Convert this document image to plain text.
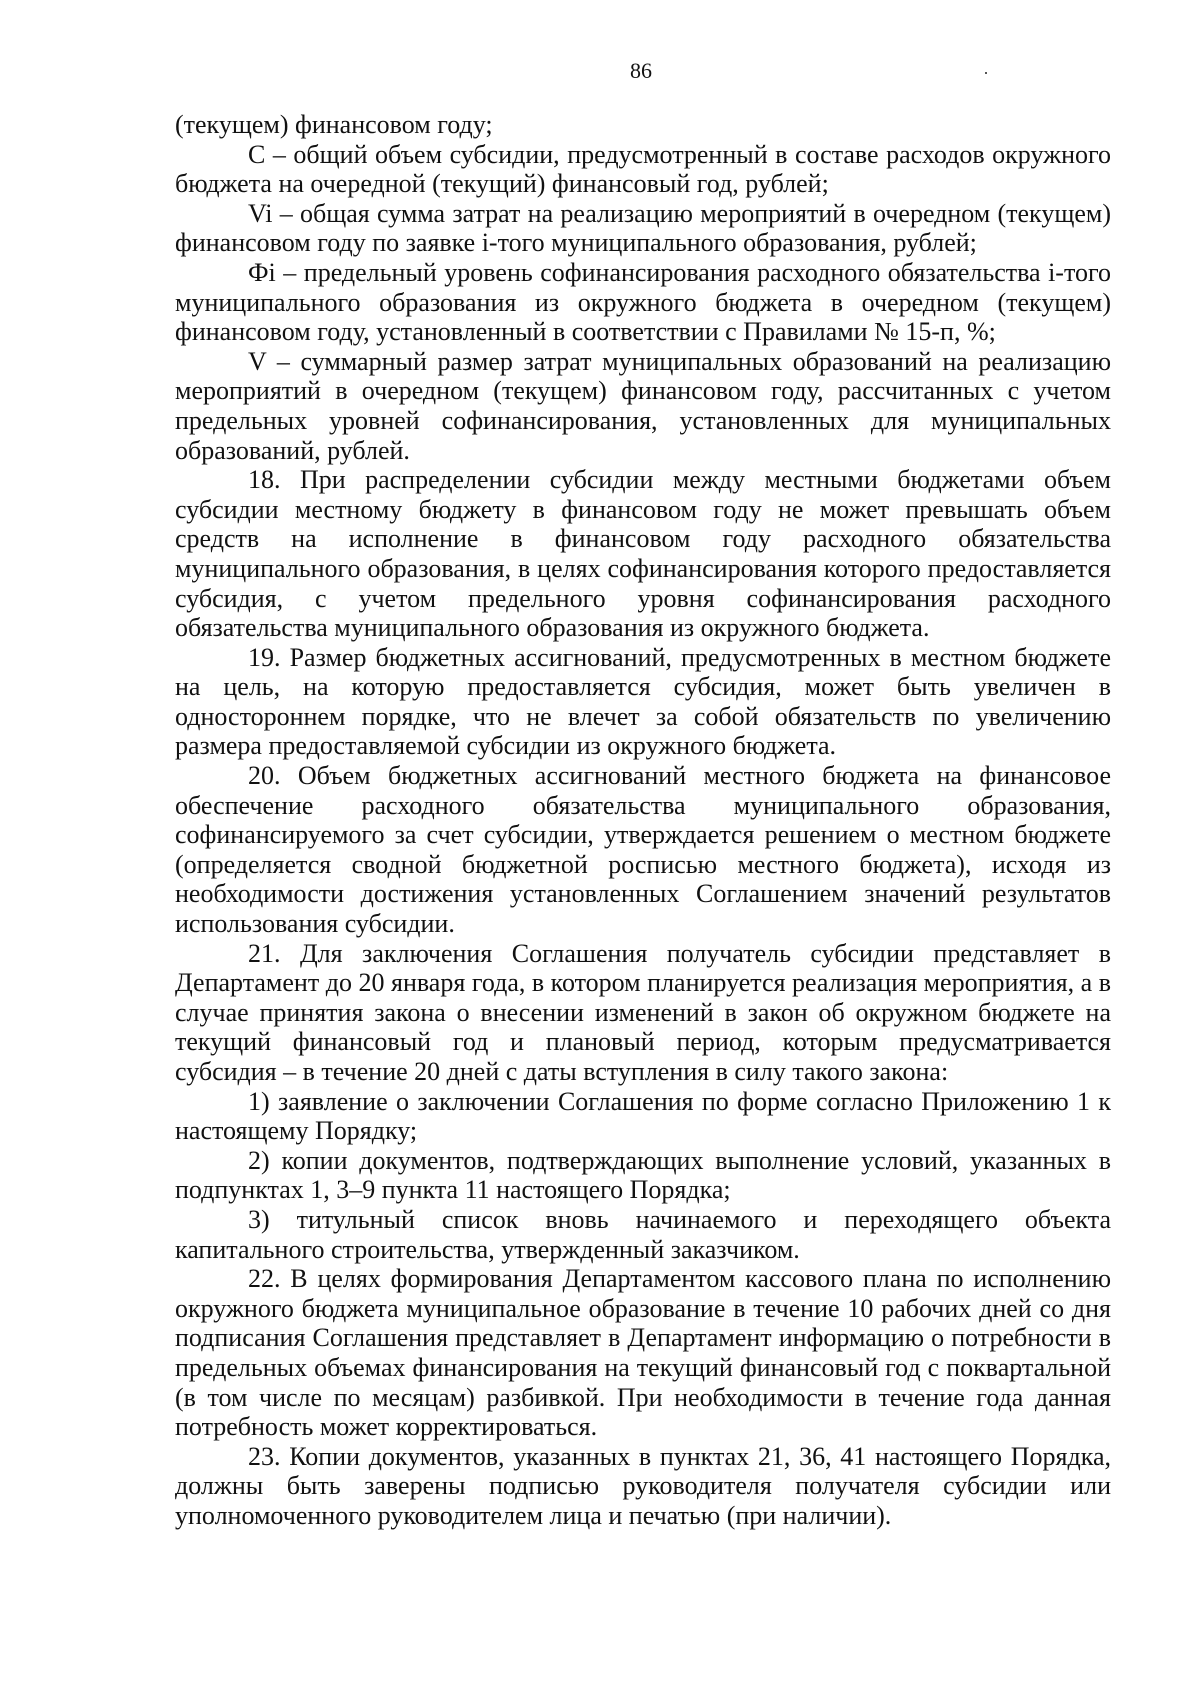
86

(текущем) финансовом году;

С – общий объем субсидии, предусмотренный в составе расходов окружного бюджета на очередной (текущий) финансовый год, рублей;

Vi – общая сумма затрат на реализацию мероприятий в очередном (текущем) финансовом году по заявке i-того муниципального образования, рублей;

Фi – предельный уровень софинансирования расходного обязательства i-того муниципального образования из окружного бюджета в очередном (текущем) финансовом году, установленный в соответствии с Правилами № 15-п, %;

V – суммарный размер затрат муниципальных образований на реализацию мероприятий в очередном (текущем) финансовом году, рассчитанных с учетом предельных уровней софинансирования, установленных для муниципальных образований, рублей.

18. При распределении субсидии между местными бюджетами объем субсидии местному бюджету в финансовом году не может превышать объем средств на исполнение в финансовом году расходного обязательства муниципального образования, в целях софинансирования которого предоставляется субсидия, с учетом предельного уровня софинансирования расходного обязательства муниципального образования из окружного бюджета.

19. Размер бюджетных ассигнований, предусмотренных в местном бюджете на цель, на которую предоставляется субсидия, может быть увеличен в одностороннем порядке, что не влечет за собой обязательств по увеличению размера предоставляемой субсидии из окружного бюджета.

20. Объем бюджетных ассигнований местного бюджета на финансовое обеспечение расходного обязательства муниципального образования, софинансируемого за счет субсидии, утверждается решением о местном бюджете (определяется сводной бюджетной росписью местного бюджета), исходя из необходимости достижения установленных Соглашением значений результатов использования субсидии.

21. Для заключения Соглашения получатель субсидии представляет в Департамент до 20 января года, в котором планируется реализация мероприятия, а в случае принятия закона о внесении изменений в закон об окружном бюджете на текущий финансовый год и плановый период, которым предусматривается субсидия – в течение 20 дней с даты вступления в силу такого закона:

1) заявление о заключении Соглашения по форме согласно Приложению 1 к настоящему Порядку;

2) копии документов, подтверждающих выполнение условий, указанных в подпунктах 1, 3–9 пункта 11 настоящего Порядка;

3) титульный список вновь начинаемого и переходящего объекта капитального строительства, утвержденный заказчиком.

22. В целях формирования Департаментом кассового плана по исполнению окружного бюджета муниципальное образование в течение 10 рабочих дней со дня подписания Соглашения представляет в Департамент информацию о потребности в предельных объемах финансирования на текущий финансовый год с поквартальной (в том числе по месяцам) разбивкой. При необходимости в течение года данная потребность может корректироваться.

23. Копии документов, указанных в пунктах 21, 36, 41 настоящего Порядка, должны быть заверены подписью руководителя получателя субсидии или уполномоченного руководителем лица и печатью (при наличии).
